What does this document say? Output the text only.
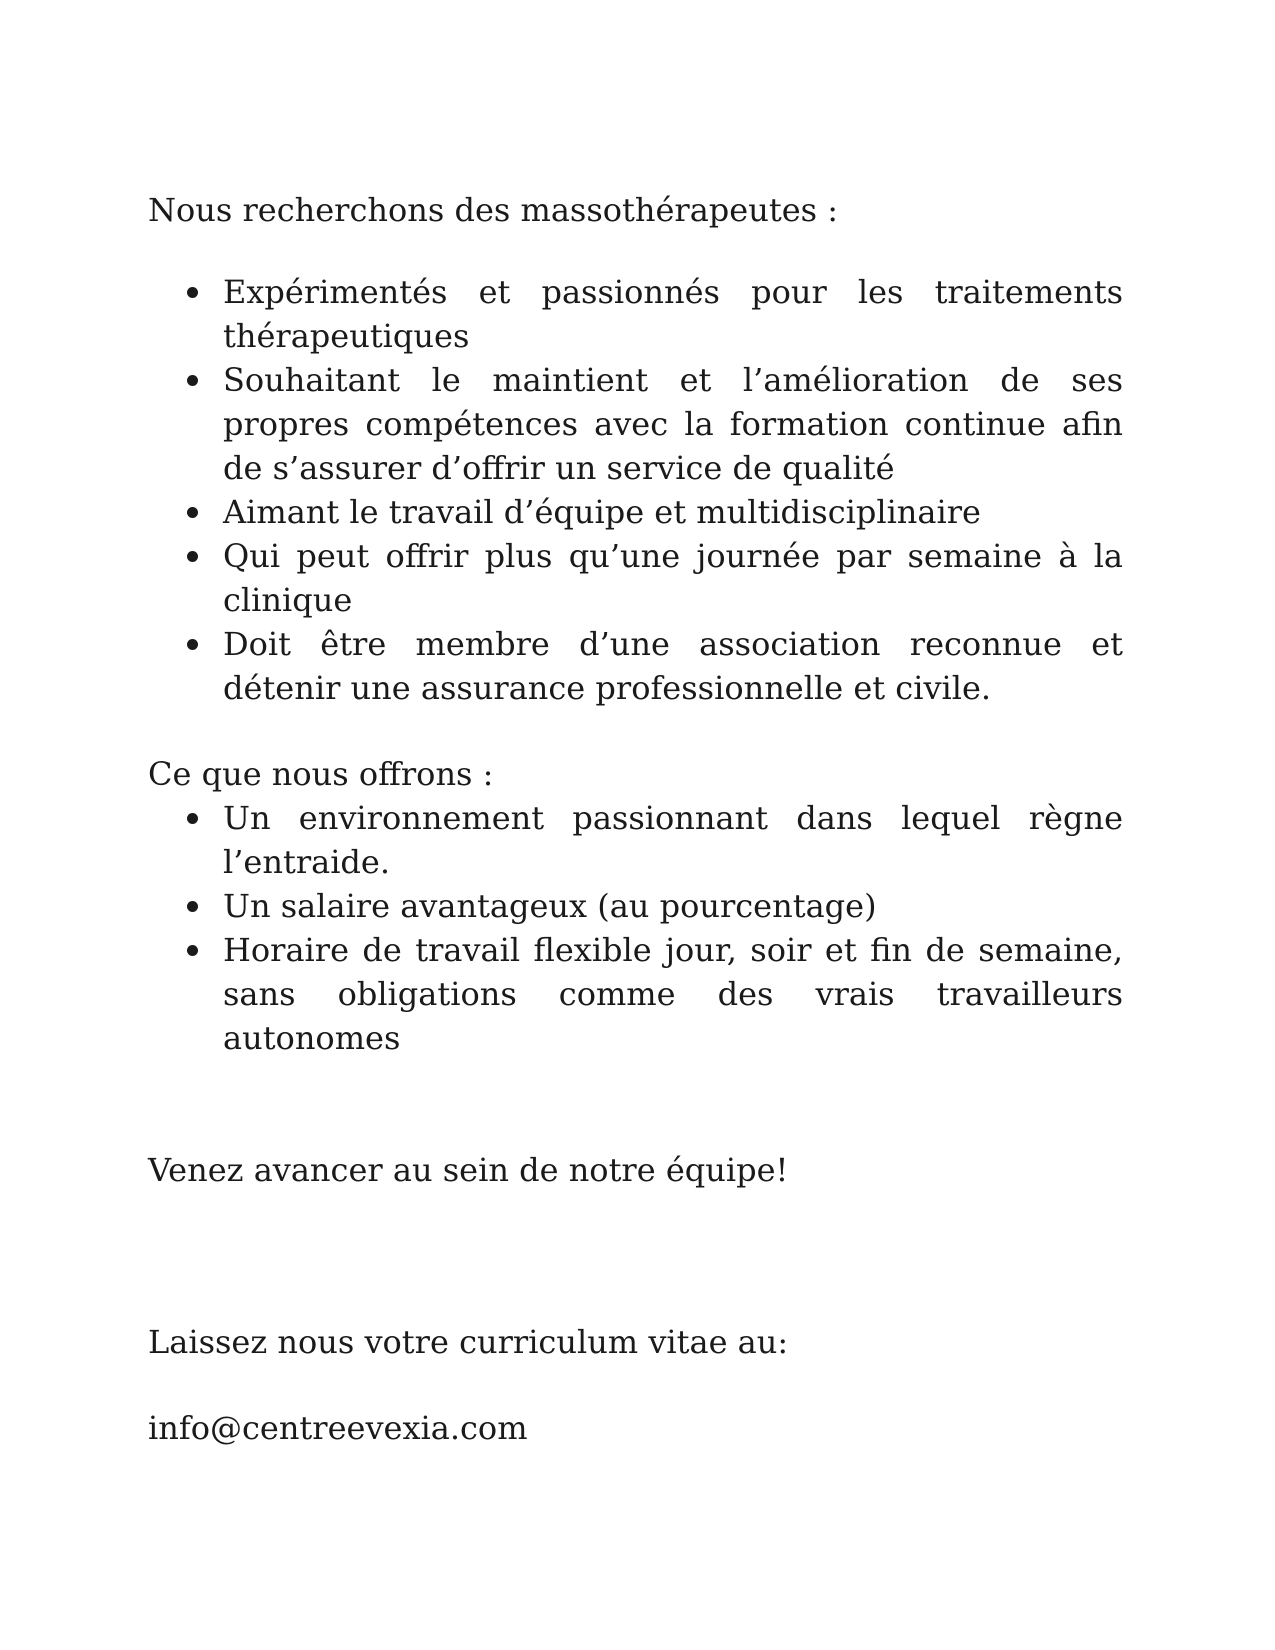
Nous recherchons des massothérapeutes :

Expérimentés et passionnés pour les traitements thérapeutiques
Souhaitant le maintient et l’amélioration de ses propres compétences avec la formation continue afin de s’assurer d’offrir un service de qualité
Aimant le travail d’équipe et multidisciplinaire
Qui peut offrir plus qu’une journée par semaine à la clinique
Doit être membre d’une association reconnue et détenir une assurance professionnelle et civile.

Ce que nous offrons :

Un environnement passionnant dans lequel règne l’entraide.
Un salaire avantageux (au pourcentage)
Horaire de travail flexible jour, soir et fin de semaine, sans obligations comme des vrais travailleurs autonomes

Venez avancer au sein de notre équipe!

Laissez nous votre curriculum vitae au:

info@centreevexia.com
